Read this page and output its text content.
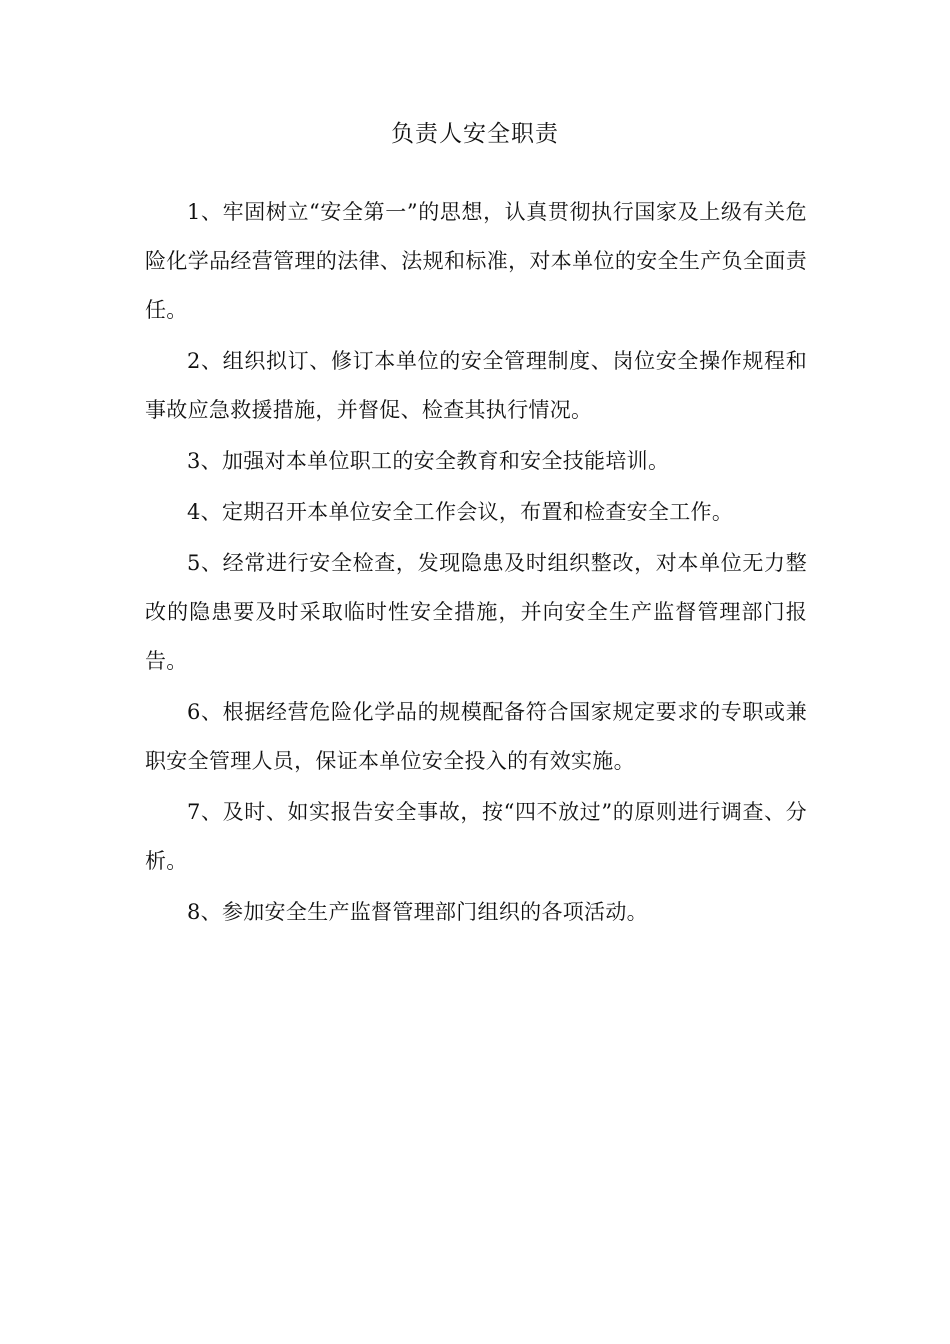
负责人安全职责

1、牢固树立“安全第一”的思想，认真贯彻执行国家及上级有关危险化学品经营管理的法律、法规和标准，对本单位的安全生产负全面责任。

2、组织拟订、修订本单位的安全管理制度、岗位安全操作规程和事故应急救援措施，并督促、检查其执行情况。

3、加强对本单位职工的安全教育和安全技能培训。

4、定期召开本单位安全工作会议，布置和检查安全工作。

5、经常进行安全检查，发现隐患及时组织整改，对本单位无力整改的隐患要及时采取临时性安全措施，并向安全生产监督管理部门报告。

6、根据经营危险化学品的规模配备符合国家规定要求的专职或兼职安全管理人员，保证本单位安全投入的有效实施。

7、及时、如实报告安全事故，按“四不放过”的原则进行调查、分析。

8、参加安全生产监督管理部门组织的各项活动。
